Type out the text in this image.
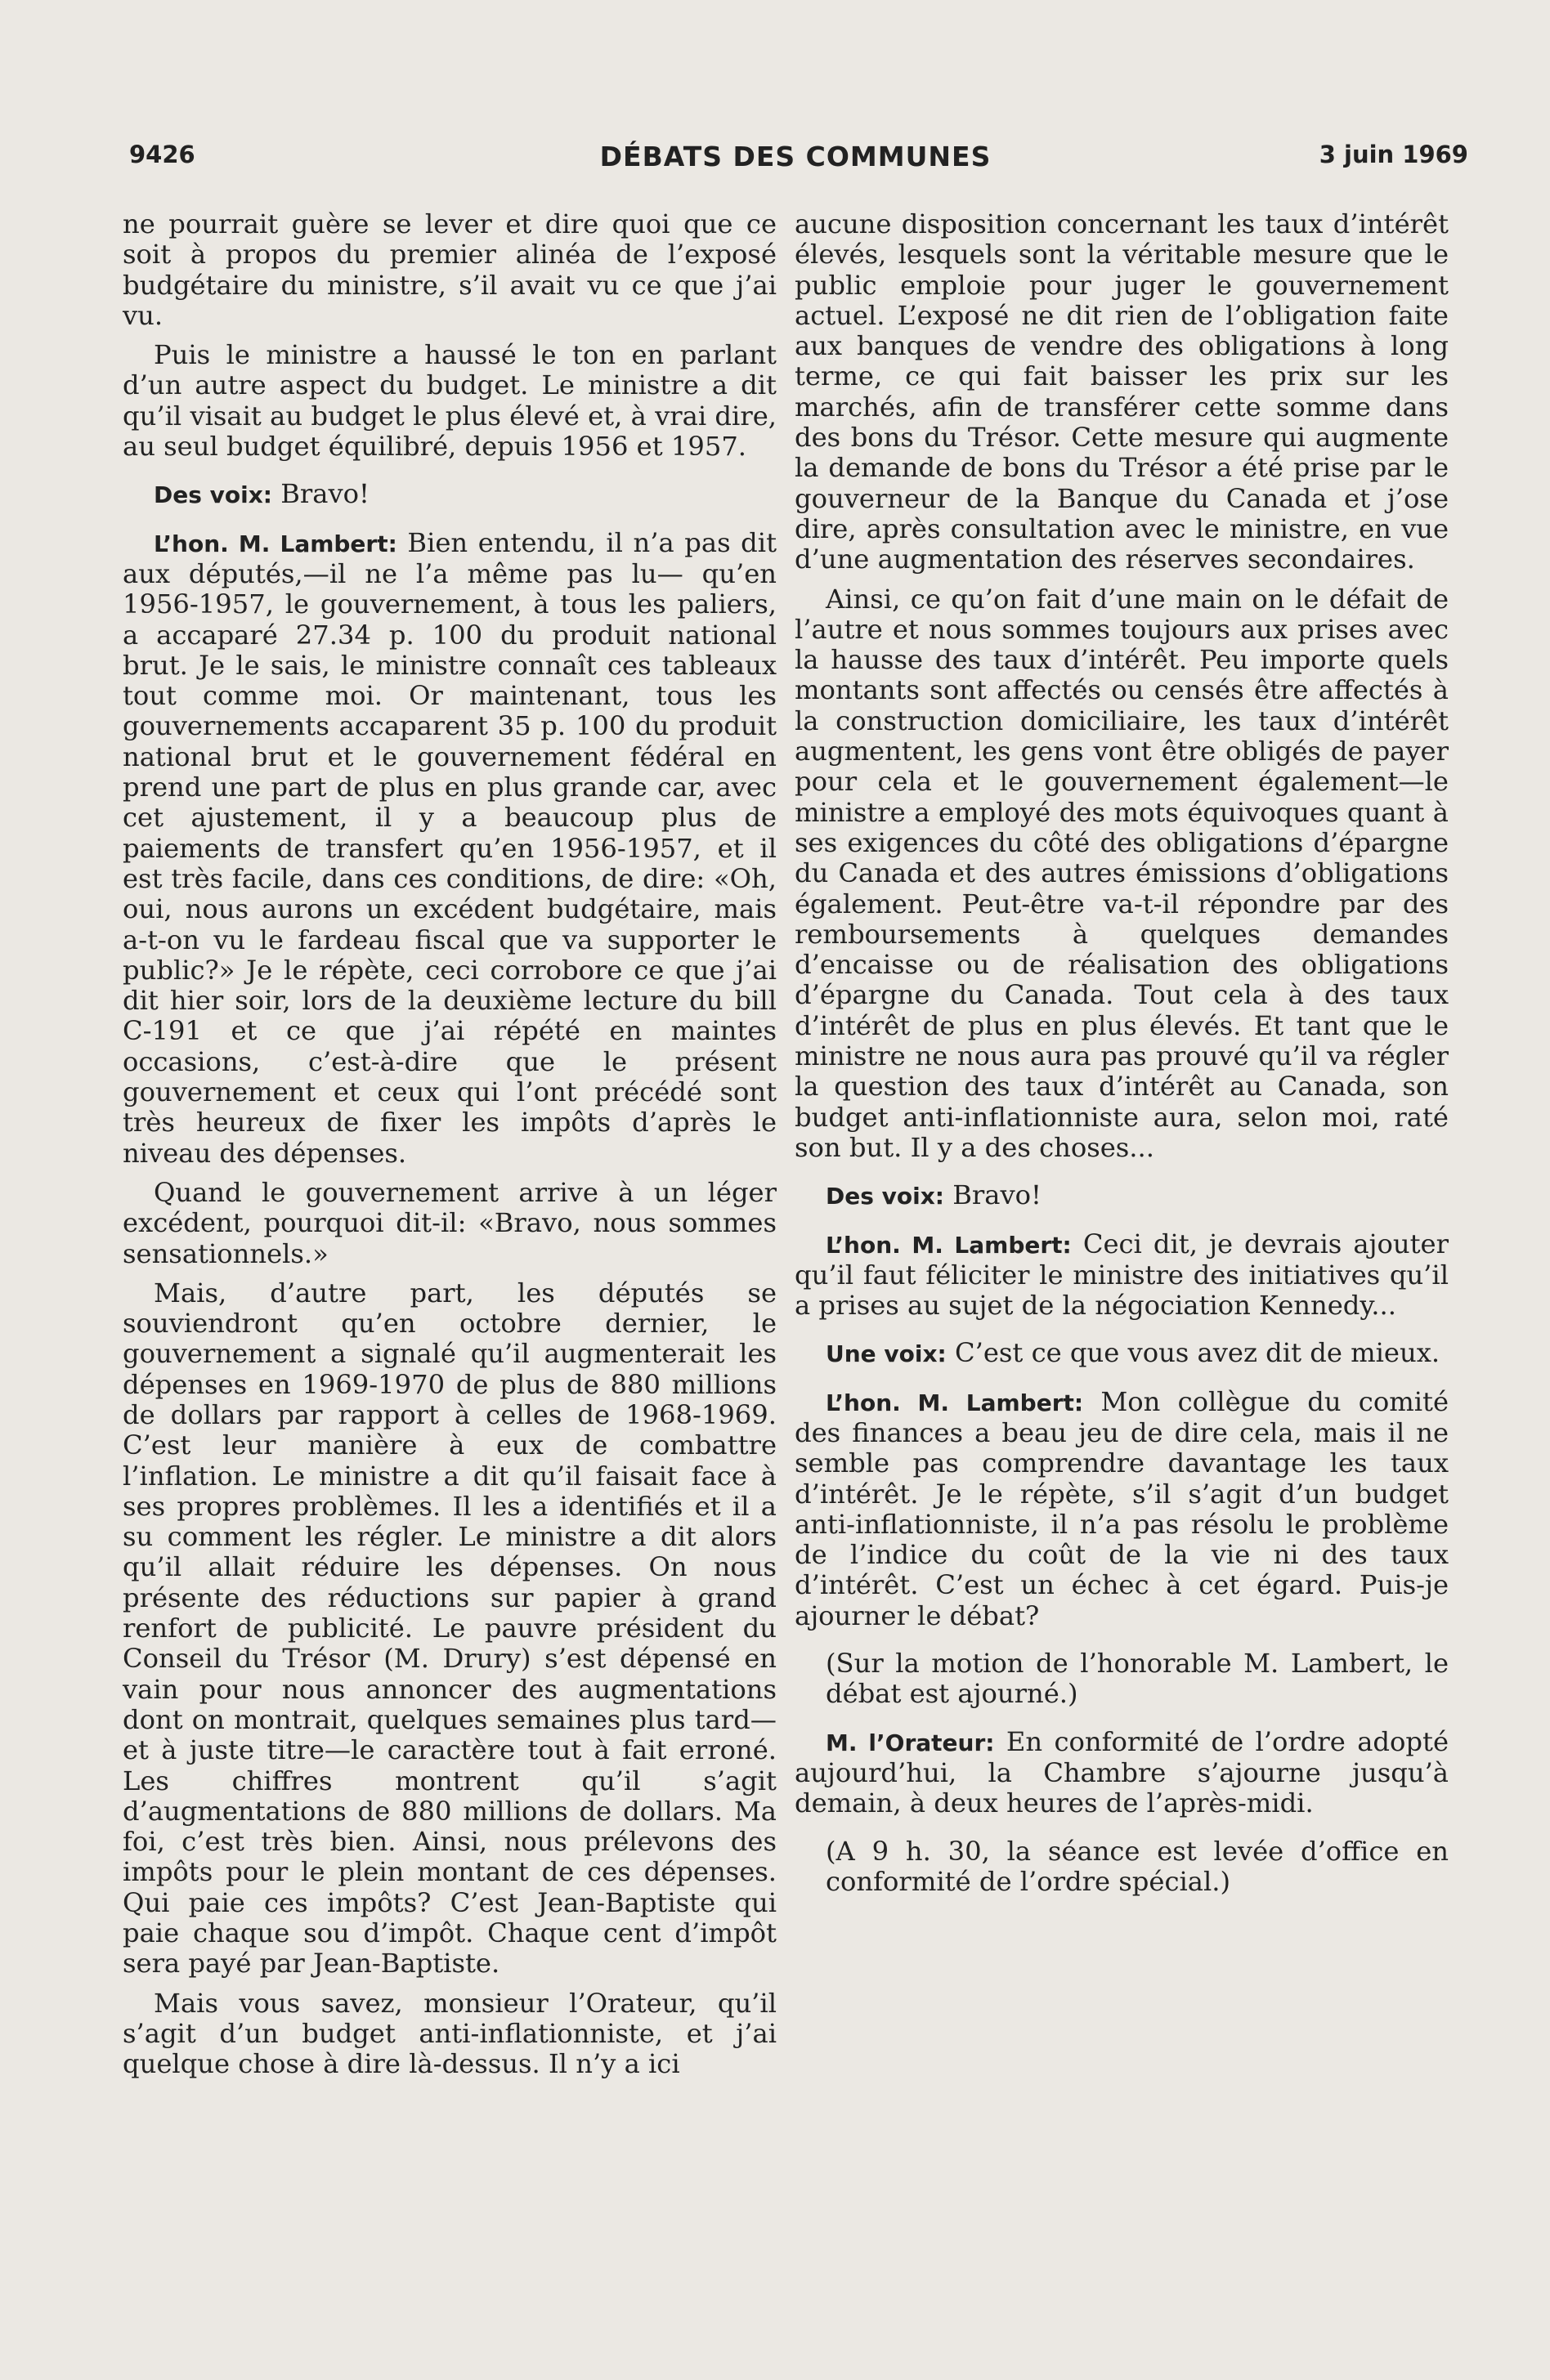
9426	DÉBATS DES COMMUNES	3 juin 1969

ne pourrait guère se lever et dire quoi que ce soit à propos du premier alinéa de l’exposé budgétaire du ministre, s’il avait vu ce que j’ai vu.

Puis le ministre a haussé le ton en parlant d’un autre aspect du budget. Le ministre a dit qu’il visait au budget le plus élevé et, à vrai dire, au seul budget équilibré, depuis 1956 et 1957.

Des voix: Bravo!

L’hon. M. Lambert: Bien entendu, il n’a pas dit aux députés,—il ne l’a même pas lu— qu’en 1956-1957, le gouvernement, à tous les paliers, a accaparé 27.34 p. 100 du produit national brut. Je le sais, le ministre connaît ces tableaux tout comme moi. Or maintenant, tous les gouvernements accaparent 35 p. 100 du produit national brut et le gouvernement fédéral en prend une part de plus en plus grande car, avec cet ajustement, il y a beaucoup plus de paiements de transfert qu’en 1956-1957, et il est très facile, dans ces conditions, de dire: «Oh, oui, nous aurons un excédent budgétaire, mais a-t-on vu le fardeau fiscal que va supporter le public?» Je le répète, ceci corrobore ce que j’ai dit hier soir, lors de la deuxième lecture du bill C-191 et ce que j’ai répété en maintes occasions, c’est-à-dire que le présent gouvernement et ceux qui l’ont précédé sont très heureux de fixer les impôts d’après le niveau des dépenses.

Quand le gouvernement arrive à un léger excédent, pourquoi dit-il: «Bravo, nous sommes sensationnels.»

Mais, d’autre part, les députés se souviendront qu’en octobre dernier, le gouvernement a signalé qu’il augmenterait les dépenses en 1969-1970 de plus de 880 millions de dollars par rapport à celles de 1968-1969. C’est leur manière à eux de combattre l’inflation. Le ministre a dit qu’il faisait face à ses propres problèmes. Il les a identifiés et il a su comment les régler. Le ministre a dit alors qu’il allait réduire les dépenses. On nous présente des réductions sur papier à grand renfort de publicité. Le pauvre président du Conseil du Trésor (M. Drury) s’est dépensé en vain pour nous annoncer des augmentations dont on montrait, quelques semaines plus tard—et à juste titre—le caractère tout à fait erroné. Les chiffres montrent qu’il s’agit d’augmentations de 880 millions de dollars. Ma foi, c’est très bien. Ainsi, nous prélevons des impôts pour le plein montant de ces dépenses. Qui paie ces impôts? C’est Jean-Baptiste qui paie chaque sou d’impôt. Chaque cent d’impôt sera payé par Jean-Baptiste.

Mais vous savez, monsieur l’Orateur, qu’il s’agit d’un budget anti-inflationniste, et j’ai quelque chose à dire là-dessus. Il n’y a ici

aucune disposition concernant les taux d’intérêt élevés, lesquels sont la véritable mesure que le public emploie pour juger le gouvernement actuel. L’exposé ne dit rien de l’obligation faite aux banques de vendre des obligations à long terme, ce qui fait baisser les prix sur les marchés, afin de transférer cette somme dans des bons du Trésor. Cette mesure qui augmente la demande de bons du Trésor a été prise par le gouverneur de la Banque du Canada et j’ose dire, après consultation avec le ministre, en vue d’une augmentation des réserves secondaires.

Ainsi, ce qu’on fait d’une main on le défait de l’autre et nous sommes toujours aux prises avec la hausse des taux d’intérêt. Peu importe quels montants sont affectés ou censés être affectés à la construction domiciliaire, les taux d’intérêt augmentent, les gens vont être obligés de payer pour cela et le gouvernement également—le ministre a employé des mots équivoques quant à ses exigences du côté des obligations d’épargne du Canada et des autres émissions d’obligations également. Peut-être va-t-il répondre par des remboursements à quelques demandes d’encaisse ou de réalisation des obligations d’épargne du Canada. Tout cela à des taux d’intérêt de plus en plus élevés. Et tant que le ministre ne nous aura pas prouvé qu’il va régler la question des taux d’intérêt au Canada, son budget anti-inflationniste aura, selon moi, raté son but. Il y a des choses...

Des voix: Bravo!

L’hon. M. Lambert: Ceci dit, je devrais ajouter qu’il faut féliciter le ministre des initiatives qu’il a prises au sujet de la négociation Kennedy...

Une voix: C’est ce que vous avez dit de mieux.

L’hon. M. Lambert: Mon collègue du comité des finances a beau jeu de dire cela, mais il ne semble pas comprendre davantage les taux d’intérêt. Je le répète, s’il s’agit d’un budget anti-inflationniste, il n’a pas résolu le problème de l’indice du coût de la vie ni des taux d’intérêt. C’est un échec à cet égard. Puis-je ajourner le débat?

(Sur la motion de l’honorable M. Lambert, le débat est ajourné.)

M. l’Orateur: En conformité de l’ordre adopté aujourd’hui, la Chambre s’ajourne jusqu’à demain, à deux heures de l’après-midi.

(A 9 h. 30, la séance est levée d’office en conformité de l’ordre spécial.)
